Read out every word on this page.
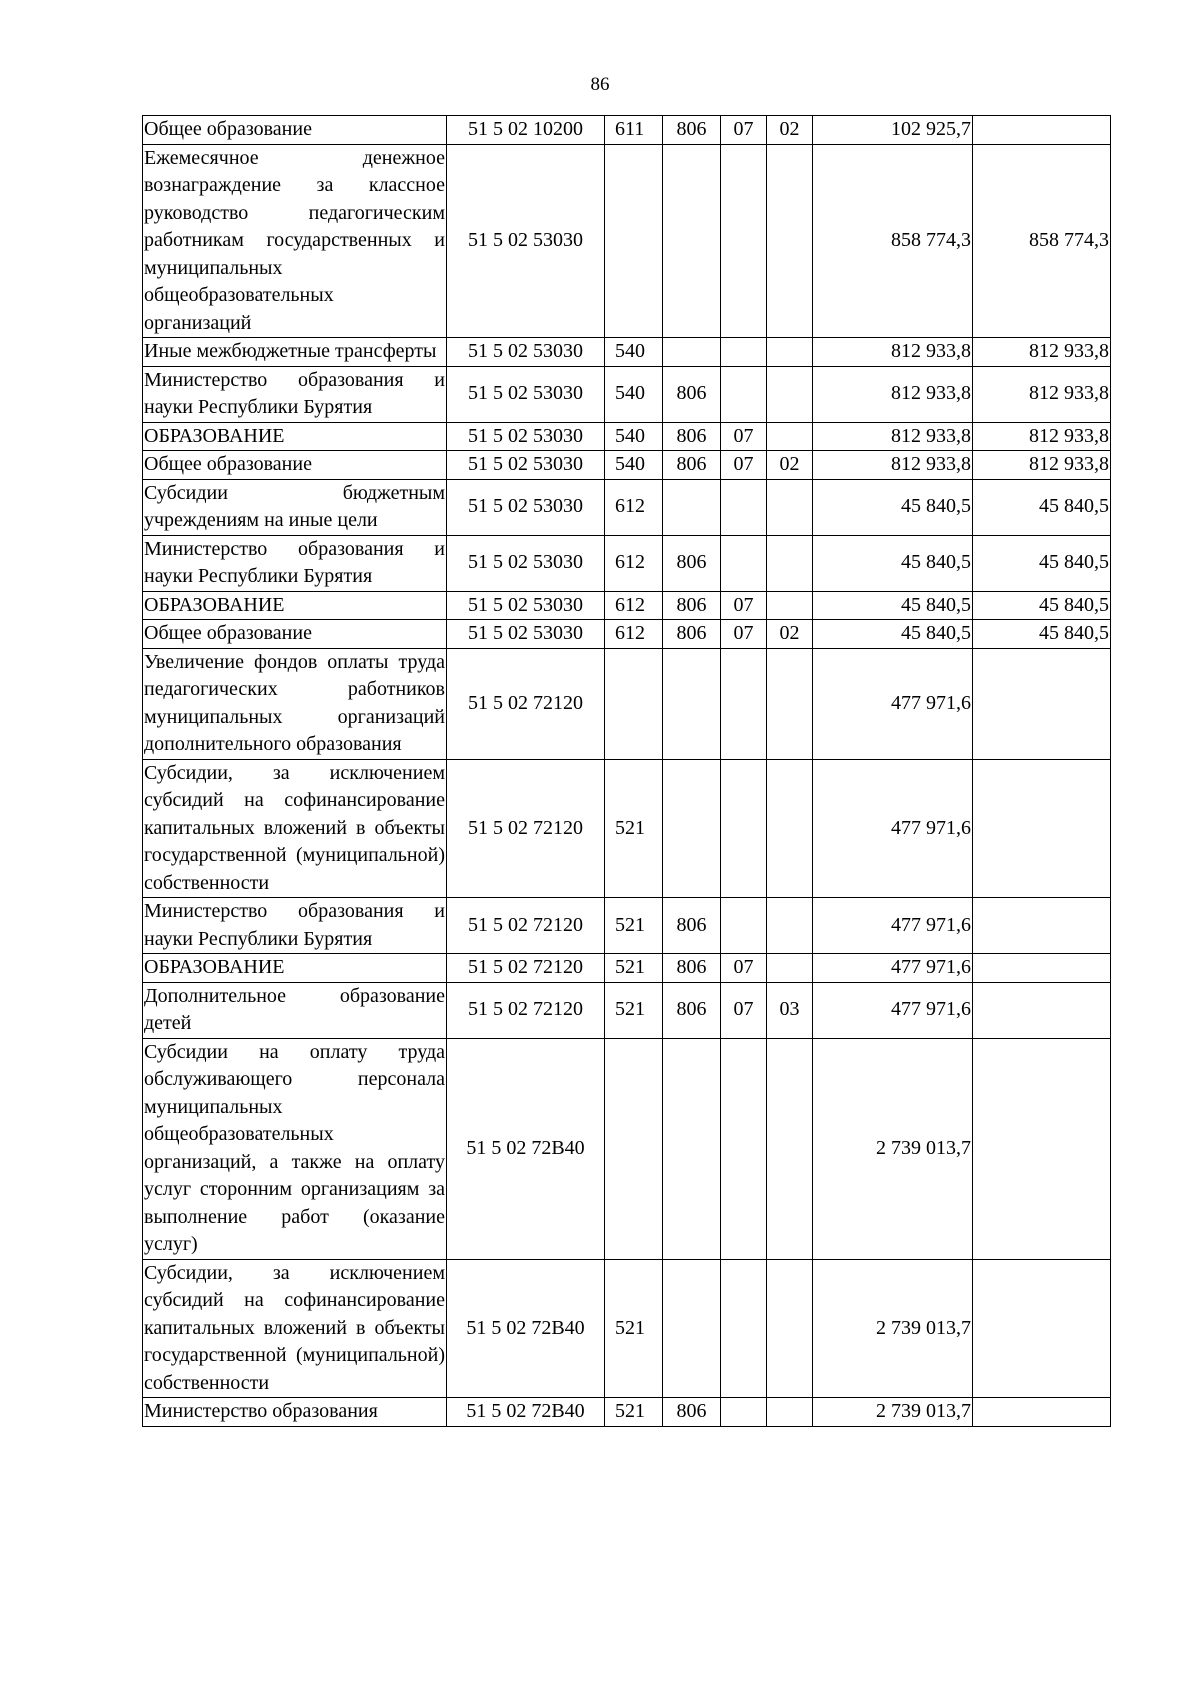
86
Общее образование	51 5 02 10200	611	806	07	02	102 925,7	
Ежемесячное денежное вознаграждение за классное руководство педагогическим работникам государственных и муниципальных общеобразовательных организаций	51 5 02 53030					858 774,3	858 774,3
Иные межбюджетные трансферты	51 5 02 53030	540				812 933,8	812 933,8
Министерство образования и науки Республики Бурятия	51 5 02 53030	540	806			812 933,8	812 933,8
ОБРАЗОВАНИЕ	51 5 02 53030	540	806	07		812 933,8	812 933,8
Общее образование	51 5 02 53030	540	806	07	02	812 933,8	812 933,8
Субсидии бюджетным учреждениям на иные цели	51 5 02 53030	612				45 840,5	45 840,5
Министерство образования и науки Республики Бурятия	51 5 02 53030	612	806			45 840,5	45 840,5
ОБРАЗОВАНИЕ	51 5 02 53030	612	806	07		45 840,5	45 840,5
Общее образование	51 5 02 53030	612	806	07	02	45 840,5	45 840,5
Увеличение фондов оплаты труда педагогических работников муниципальных организаций дополнительного образования	51 5 02 72120					477 971,6	
Субсидии, за исключением субсидий на софинансирование капитальных вложений в объекты государственной (муниципальной) собственности	51 5 02 72120	521				477 971,6	
Министерство образования и науки Республики Бурятия	51 5 02 72120	521	806			477 971,6	
ОБРАЗОВАНИЕ	51 5 02 72120	521	806	07		477 971,6	
Дополнительное образование детей	51 5 02 72120	521	806	07	03	477 971,6	
Субсидии на оплату труда обслуживающего персонала муниципальных общеобразовательных организаций, а также на оплату услуг сторонним организациям за выполнение работ (оказание услуг)	51 5 02 72В40					2 739 013,7	
Субсидии, за исключением субсидий на софинансирование капитальных вложений в объекты государственной (муниципальной) собственности	51 5 02 72В40	521				2 739 013,7	
Министерство образования	51 5 02 72В40	521	806			2 739 013,7	
